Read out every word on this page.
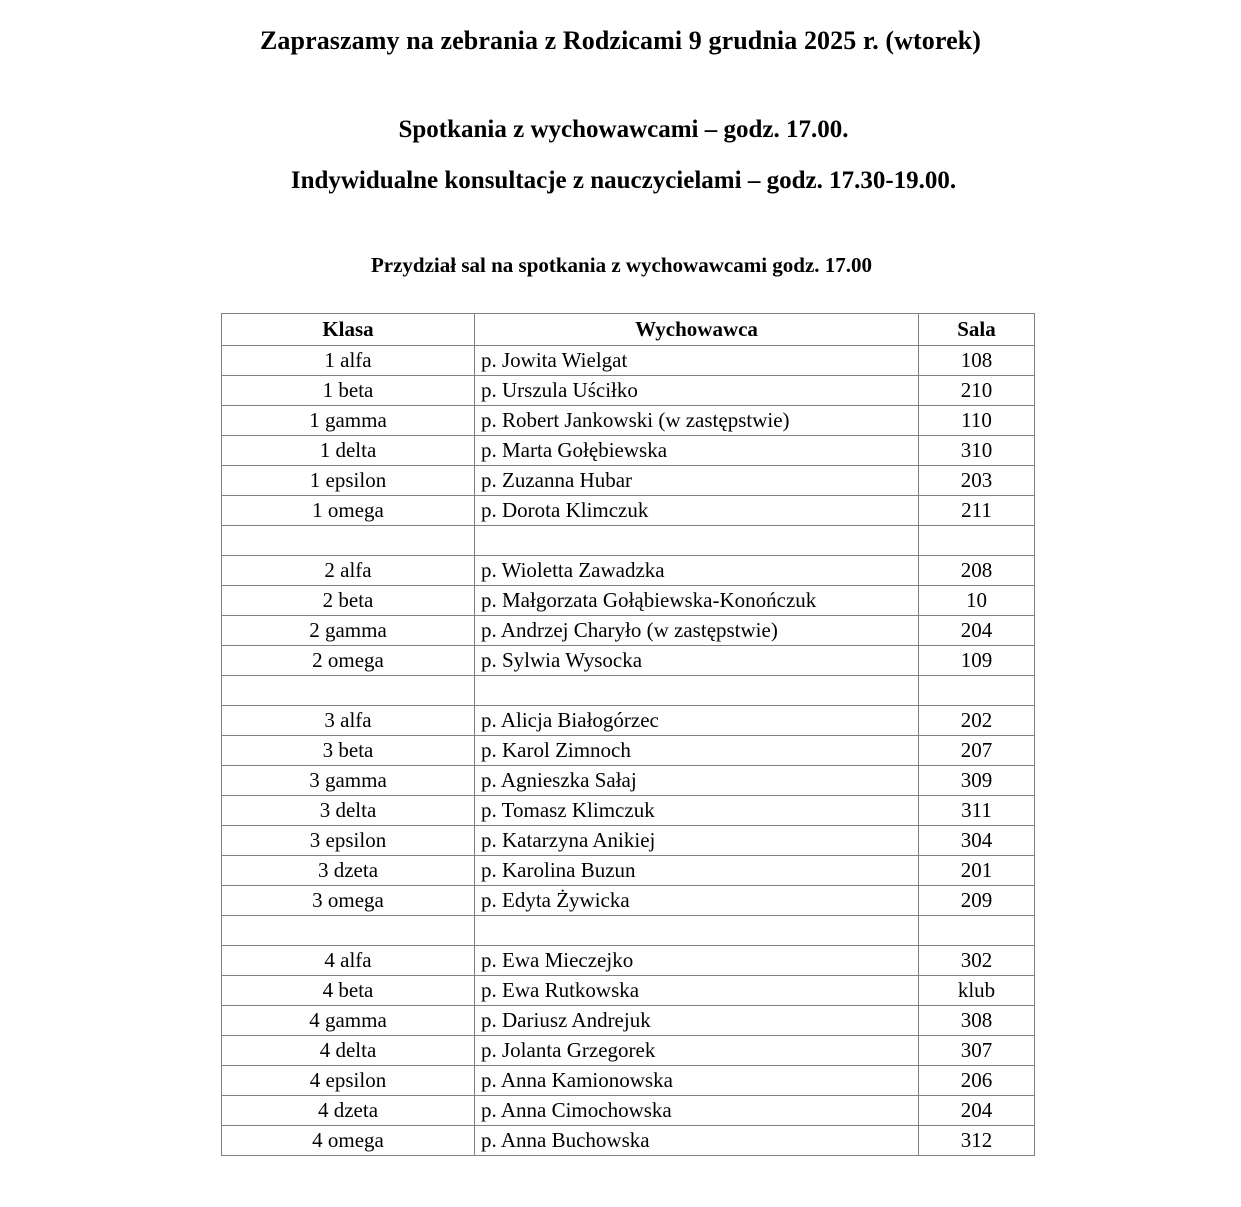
Zapraszamy na zebrania z Rodzicami 9 grudnia 2025 r. (wtorek)

Spotkania z wychowawcami – godz. 17.00.

Indywidualne konsultacje z nauczycielami – godz. 17.30-19.00.

Przydział sal na spotkania z wychowawcami godz. 17.00

Klasa	Wychowawca	Sala
1 alfa	p. Jowita Wielgat	108
1 beta	p. Urszula Uściłko	210
1 gamma	p. Robert Jankowski (w zastępstwie)	110
1 delta	p. Marta Gołębiewska	310
1 epsilon	p. Zuzanna Hubar	203
1 omega	p. Dorota Klimczuk	211

2 alfa	p. Wioletta Zawadzka	208
2 beta	p. Małgorzata Gołąbiewska-Konończuk	10
2 gamma	p. Andrzej Charyło (w zastępstwie)	204
2 omega	p. Sylwia Wysocka	109

3 alfa	p. Alicja Białogórzec	202
3 beta	p. Karol Zimnoch	207
3 gamma	p. Agnieszka Sałaj	309
3 delta	p. Tomasz Klimczuk	311
3 epsilon	p. Katarzyna Anikiej	304
3 dzeta	p. Karolina Buzun	201
3 omega	p. Edyta Żywicka	209

4 alfa	p. Ewa Mieczejko	302
4 beta	p. Ewa Rutkowska	klub
4 gamma	p. Dariusz Andrejuk	308
4 delta	p. Jolanta Grzegorek	307
4 epsilon	p. Anna Kamionowska	206
4 dzeta	p. Anna Cimochowska	204
4 omega	p. Anna Buchowska	312
